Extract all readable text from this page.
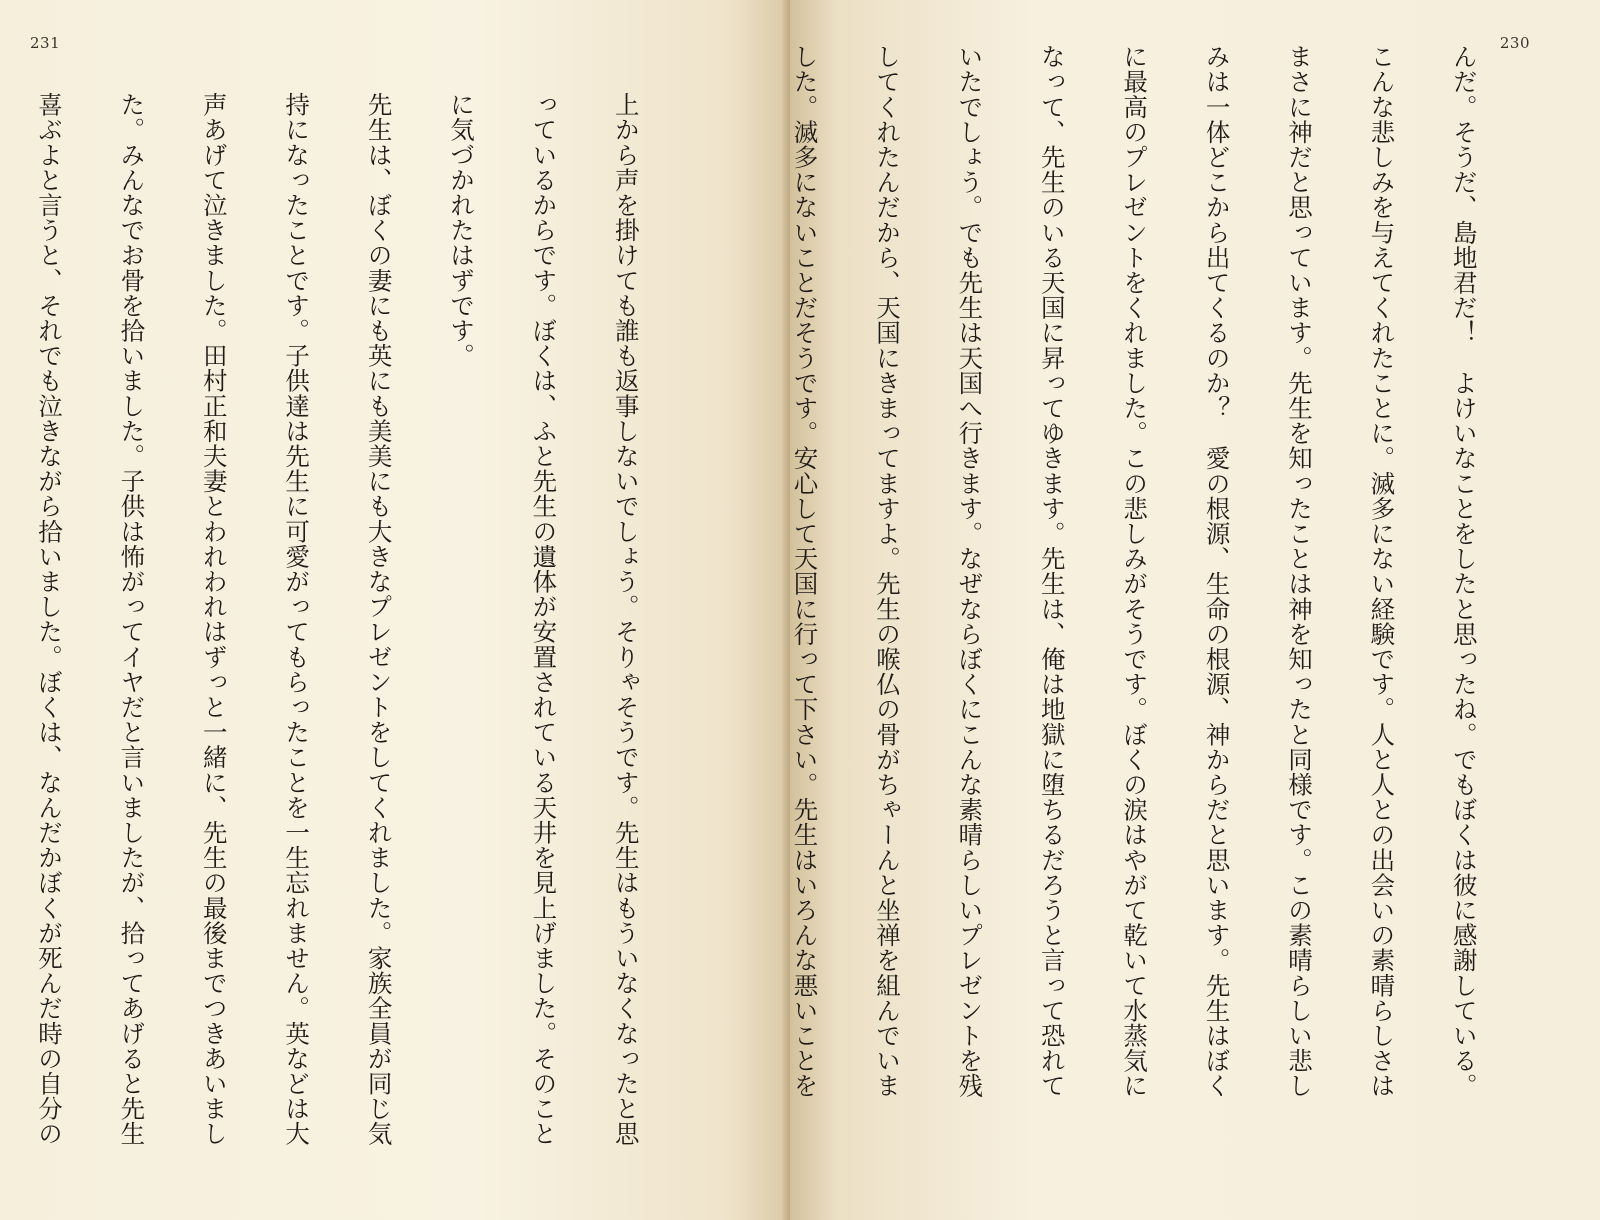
231

上から声を掛けても誰も返事しないでしょう。そりゃそうです。先生はもういなくなったと思

っているからです。ぼくは、ふと先生の遺体が安置されている天井を見上げました。そのこと

に気づかれたはずです。

先生は、ぼくの妻にも英にも美美にも大きなプレゼントをしてくれました。家族全員が同じ気

持になったことです。子供達は先生に可愛がってもらったことを一生忘れません。英などは大

声あげて泣きました。田村正和夫妻とわれわれはずっと一緒に、先生の最後までつきあいまし

た。みんなでお骨を拾いました。子供は怖がってイヤだと言いましたが、拾ってあげると先生

喜ぶよと言うと、それでも泣きながら拾いました。ぼくは、なんだかぼくが死んだ時の自分の

230

んだ。そうだ、島地君だ！　よけいなことをしたと思ったね。でもぼくは彼に感謝している。

こんな悲しみを与えてくれたことに。滅多にない経験です。人と人との出会いの素晴らしさは

まさに神だと思っています。先生を知ったことは神を知ったと同様です。この素晴らしい悲し

みは一体どこから出てくるのか？　愛の根源、生命の根源、神からだと思います。先生はぼく

に最高のプレゼントをくれました。この悲しみがそうです。ぼくの涙はやがて乾いて水蒸気に

なって、先生のいる天国に昇ってゆきます。先生は、俺は地獄に堕ちるだろうと言って恐れて

いたでしょう。でも先生は天国へ行きます。なぜならぼくにこんな素晴らしいプレゼントを残

してくれたんだから、天国にきまってますよ。先生の喉仏の骨がちゃーんと坐禅を組んでいま

した。滅多にないことだそうです。安心して天国に行って下さい。先生はいろんな悪いことを
